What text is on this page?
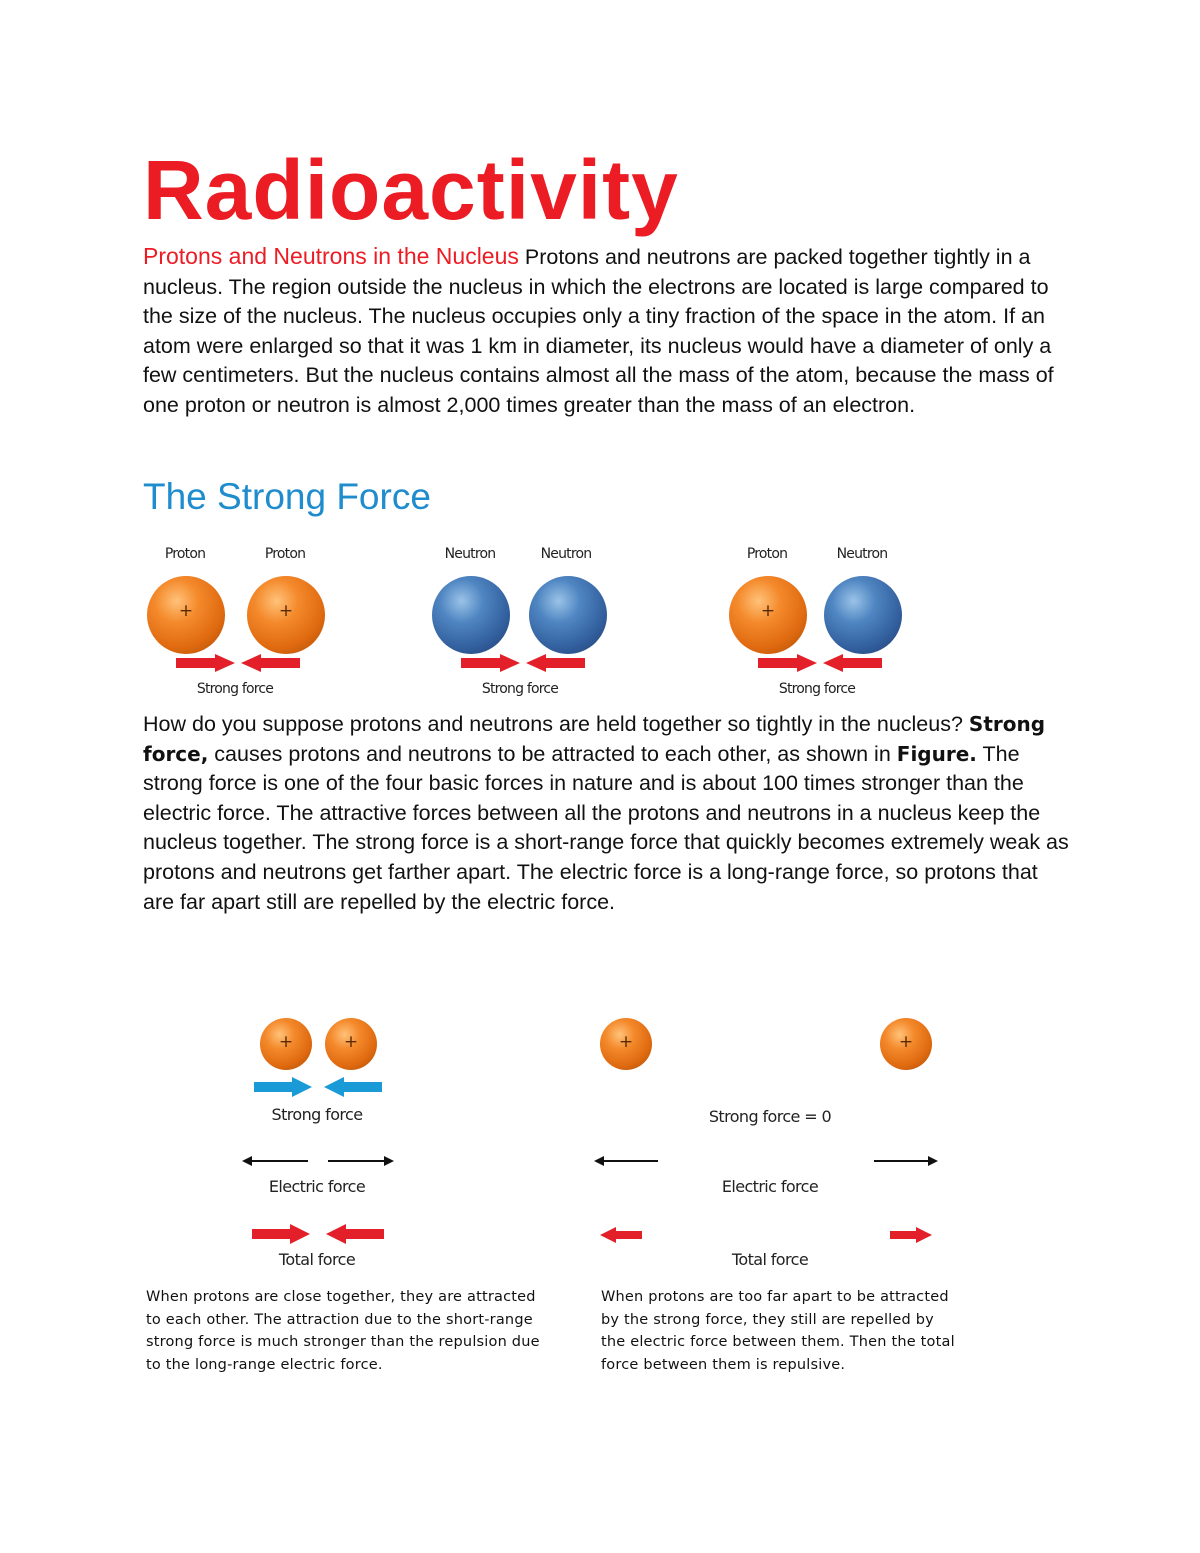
Radioactivity
Protons and Neutrons in the Nucleus Protons and neutrons are packed together tightly in a nucleus. The region outside the nucleus in which the electrons are located is large compared to the size of the nucleus. The nucleus occupies only a tiny fraction of the space in the atom. If an atom were enlarged so that it was 1 km in diameter, its nucleus would have a diameter of only a few centimeters. But the nucleus contains almost all the mass of the atom, because the mass of one proton or neutron is almost 2,000 times greater than the mass of an electron.
The Strong Force
Proton	Proton
+	+
Strong force
Neutron	Neutron
Strong force
Proton	Neutron
+
Strong force
How do you suppose protons and neutrons are held together so tightly in the nucleus? Strong force, causes protons and neutrons to be attracted to each other, as shown in Figure. The strong force is one of the four basic forces in nature and is about 100 times stronger than the electric force. The attractive forces between all the protons and neutrons in a nucleus keep the nucleus together. The strong force is a short-range force that quickly becomes extremely weak as protons and neutrons get farther apart. The electric force is a long-range force, so protons that are far apart still are repelled by the electric force.
+	+
Strong force
Electric force
Total force
When protons are close together, they are attracted to each other. The attraction due to the short-range strong force is much stronger than the repulsion due to the long-range electric force.
+	+
Strong force = 0
Electric force
Total force
When protons are too far apart to be attracted by the strong force, they still are repelled by the electric force between them. Then the total force between them is repulsive.
